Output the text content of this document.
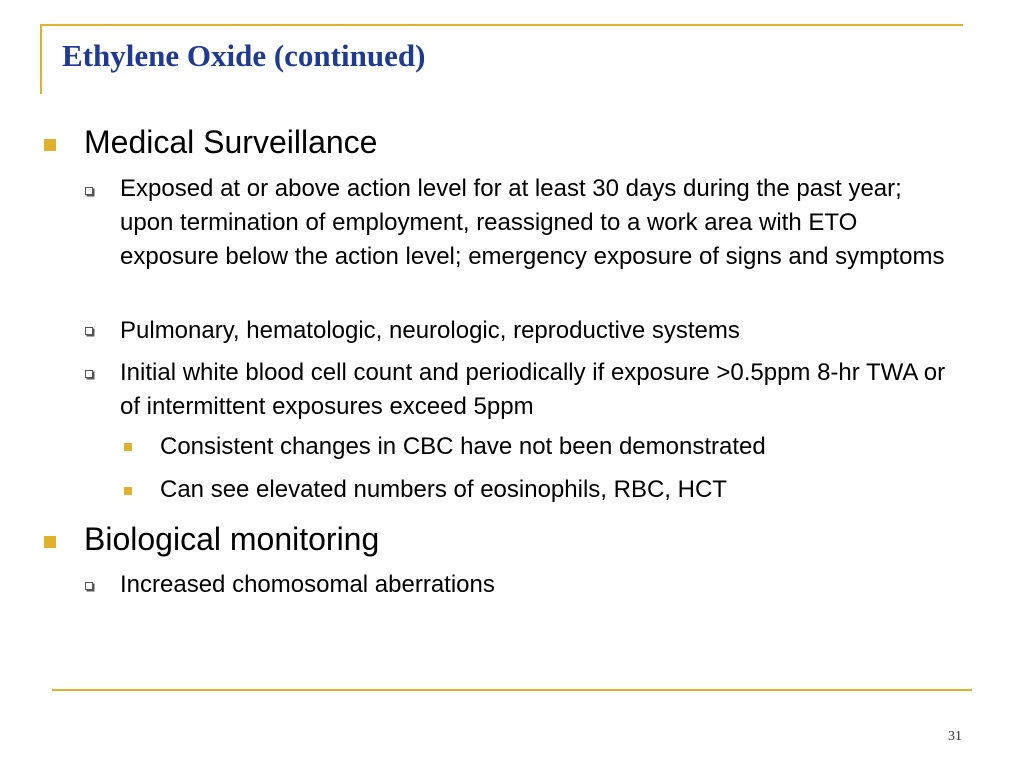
Ethylene Oxide (continued)
Medical Surveillance
Exposed at or above action level for at least 30 days during the past year; upon termination of employment, reassigned to a work area with ETO exposure below the action level; emergency exposure of signs and symptoms
Pulmonary, hematologic, neurologic, reproductive systems
Initial white blood cell count and periodically if exposure >0.5ppm 8-hr TWA or of intermittent exposures exceed 5ppm
Consistent changes in CBC have not been demonstrated
Can see elevated numbers of eosinophils, RBC, HCT
Biological monitoring
Increased chomosomal aberrations
31
